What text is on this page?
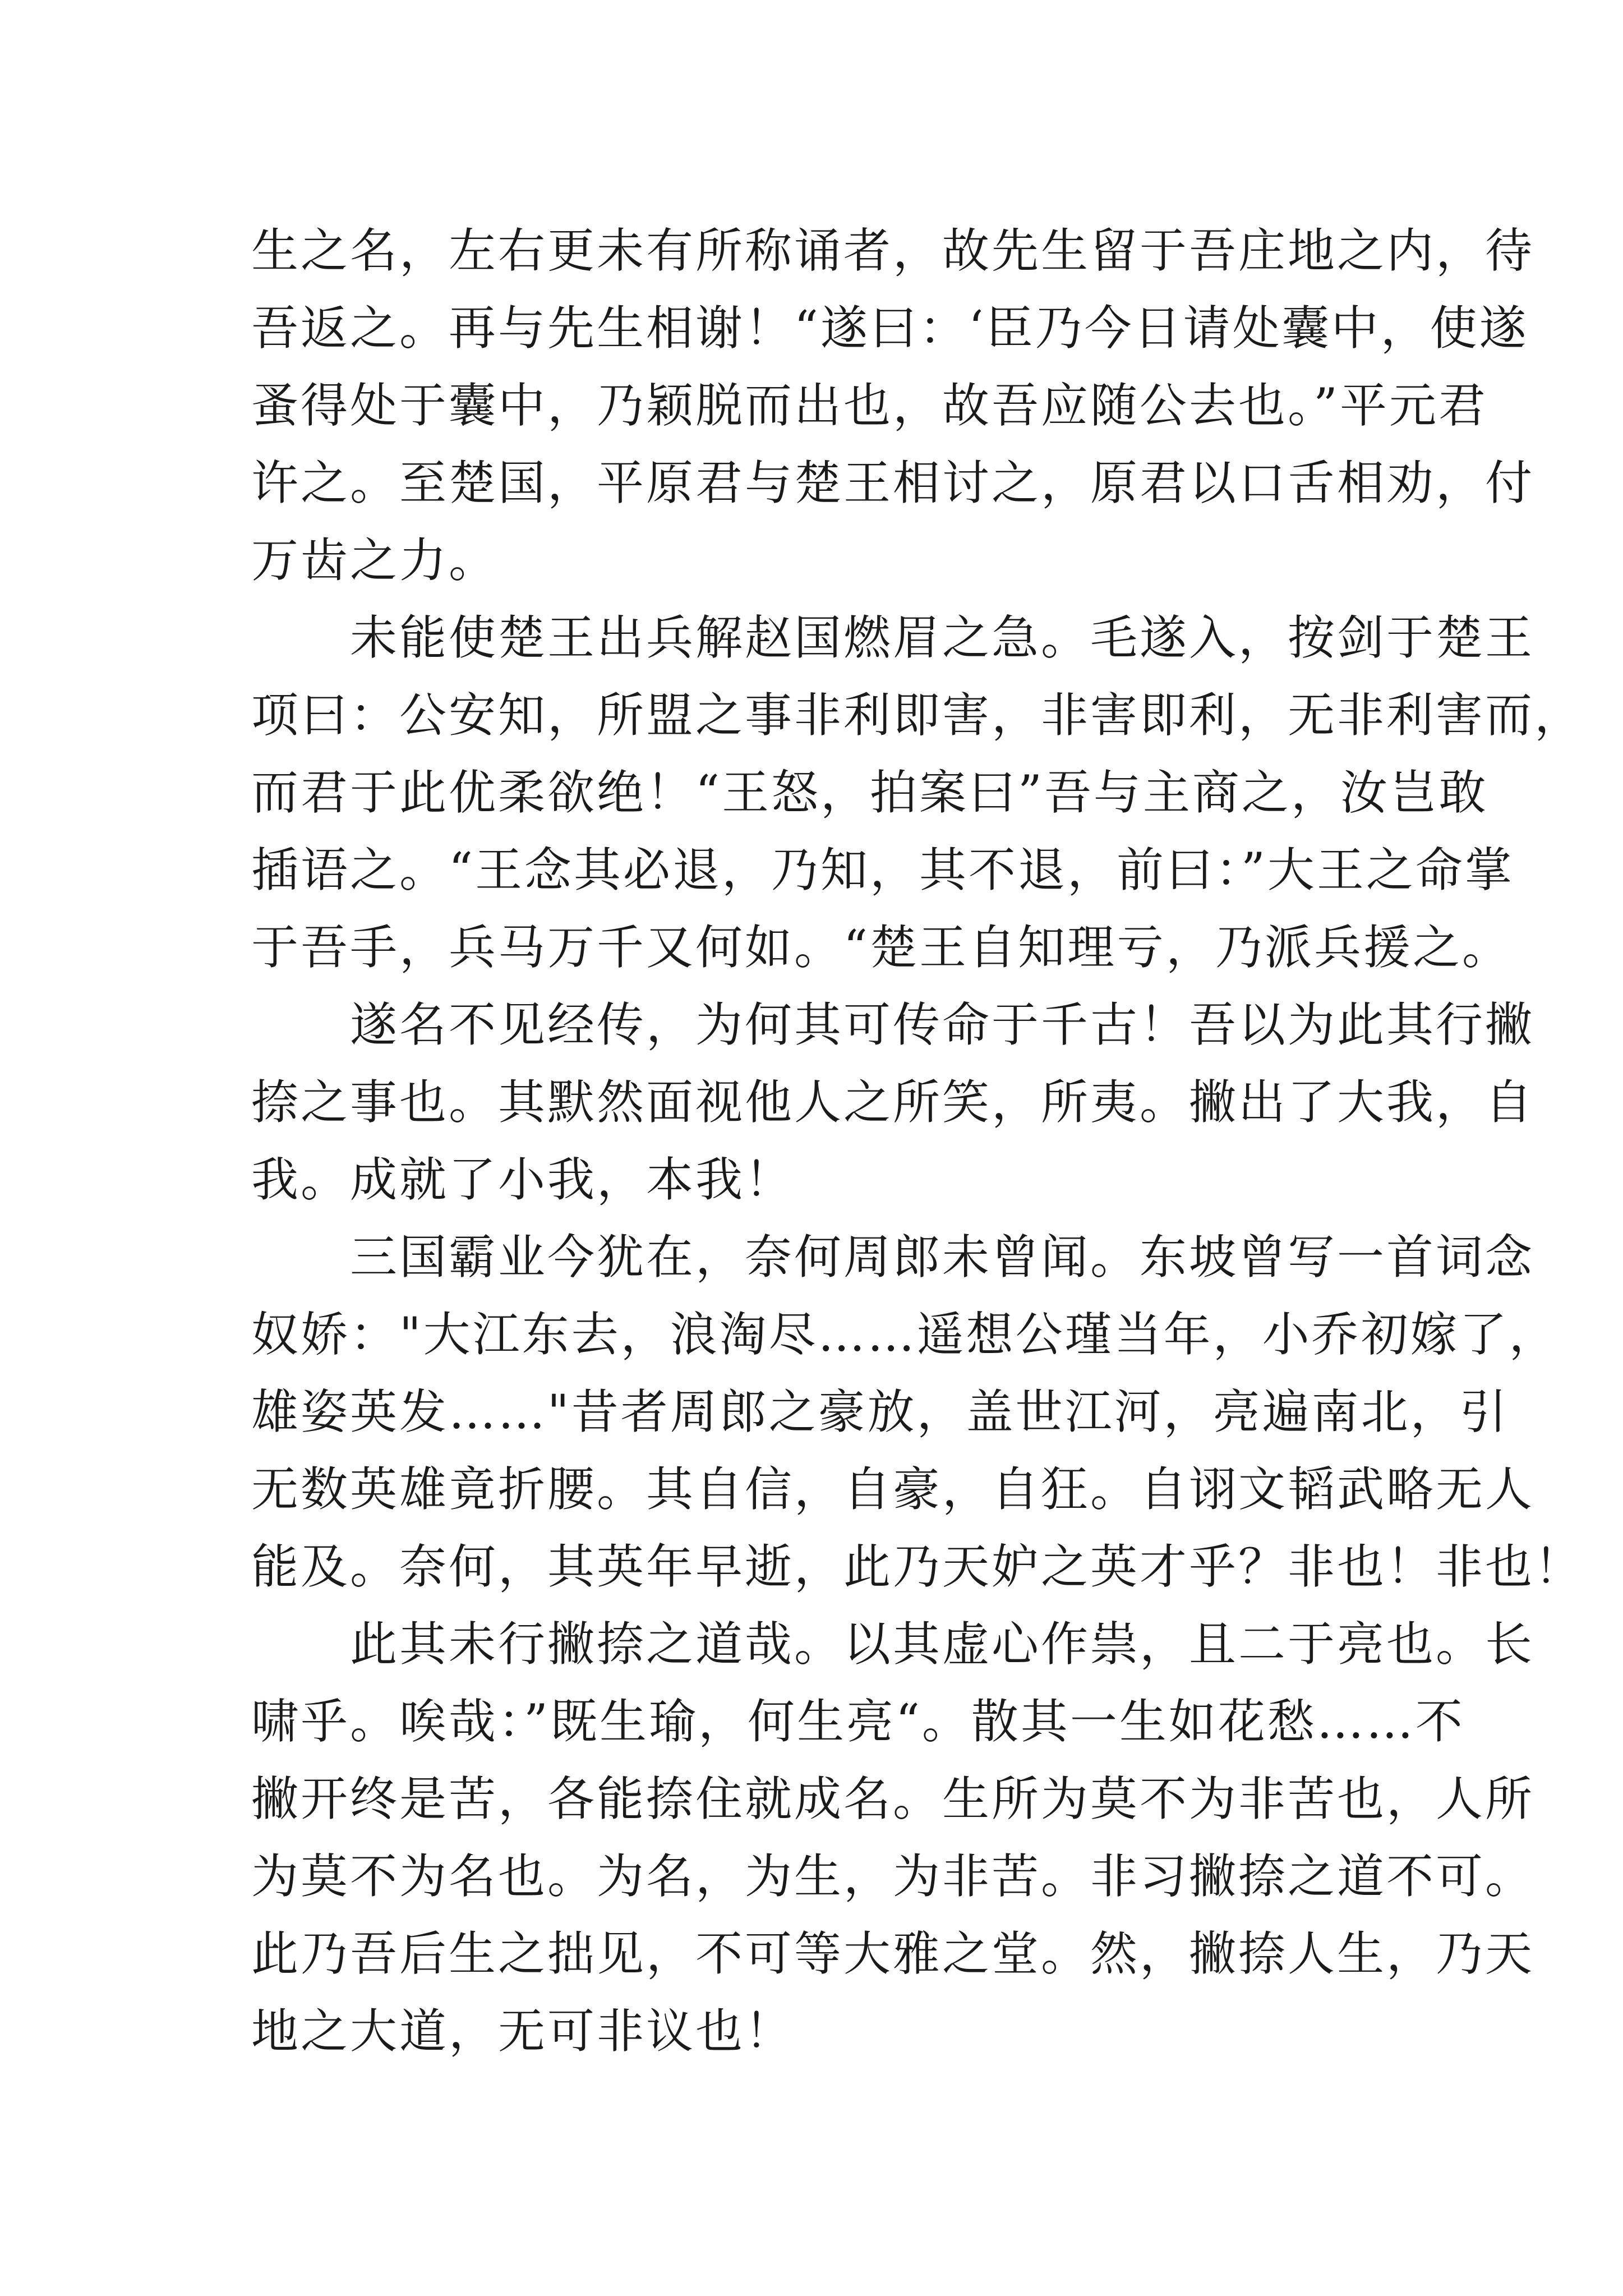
生之名，左右更未有所称诵者，故先生留于吾庄地之内，待
吾返之。再与先生相谢！“遂曰：‘臣乃今日请处囊中，使遂
蚤得处于囊中，乃颖脱而出也，故吾应随公去也。”平元君
许之。至楚国，平原君与楚王相讨之，原君以口舌相劝，付
万齿之力。
　　未能使楚王出兵解赵国燃眉之急。毛遂入，按剑于楚王
项曰：公安知，所盟之事非利即害，非害即利，无非利害而，
而君于此优柔欲绝！“王怒，拍案曰”吾与主商之，汝岂敢
插语之。“王念其必退，乃知，其不退，前曰：”大王之命掌
于吾手，兵马万千又何如。“楚王自知理亏，乃派兵援之。
　　遂名不见经传，为何其可传命于千古！吾以为此其行撇
捺之事也。其默然面视他人之所笑，所夷。撇出了大我，自
我。成就了小我，本我！
　　三国霸业今犹在，奈何周郎未曾闻。东坡曾写一首词念
奴娇："大江东去，浪淘尽……遥想公瑾当年，小乔初嫁了，
雄姿英发……"昔者周郎之豪放，盖世江河，亮遍南北，引
无数英雄竟折腰。其自信，自豪，自狂。自诩文韬武略无人
能及。奈何，其英年早逝，此乃天妒之英才乎？非也！非也！
　　此其未行撇捺之道哉。以其虚心作祟，且二于亮也。长
啸乎。唉哉：”既生瑜，何生亮“。散其一生如花愁……不
撇开终是苦，各能捺住就成名。生所为莫不为非苦也，人所
为莫不为名也。为名，为生，为非苦。非习撇捺之道不可。
此乃吾后生之拙见，不可等大雅之堂。然，撇捺人生，乃天
地之大道，无可非议也！
